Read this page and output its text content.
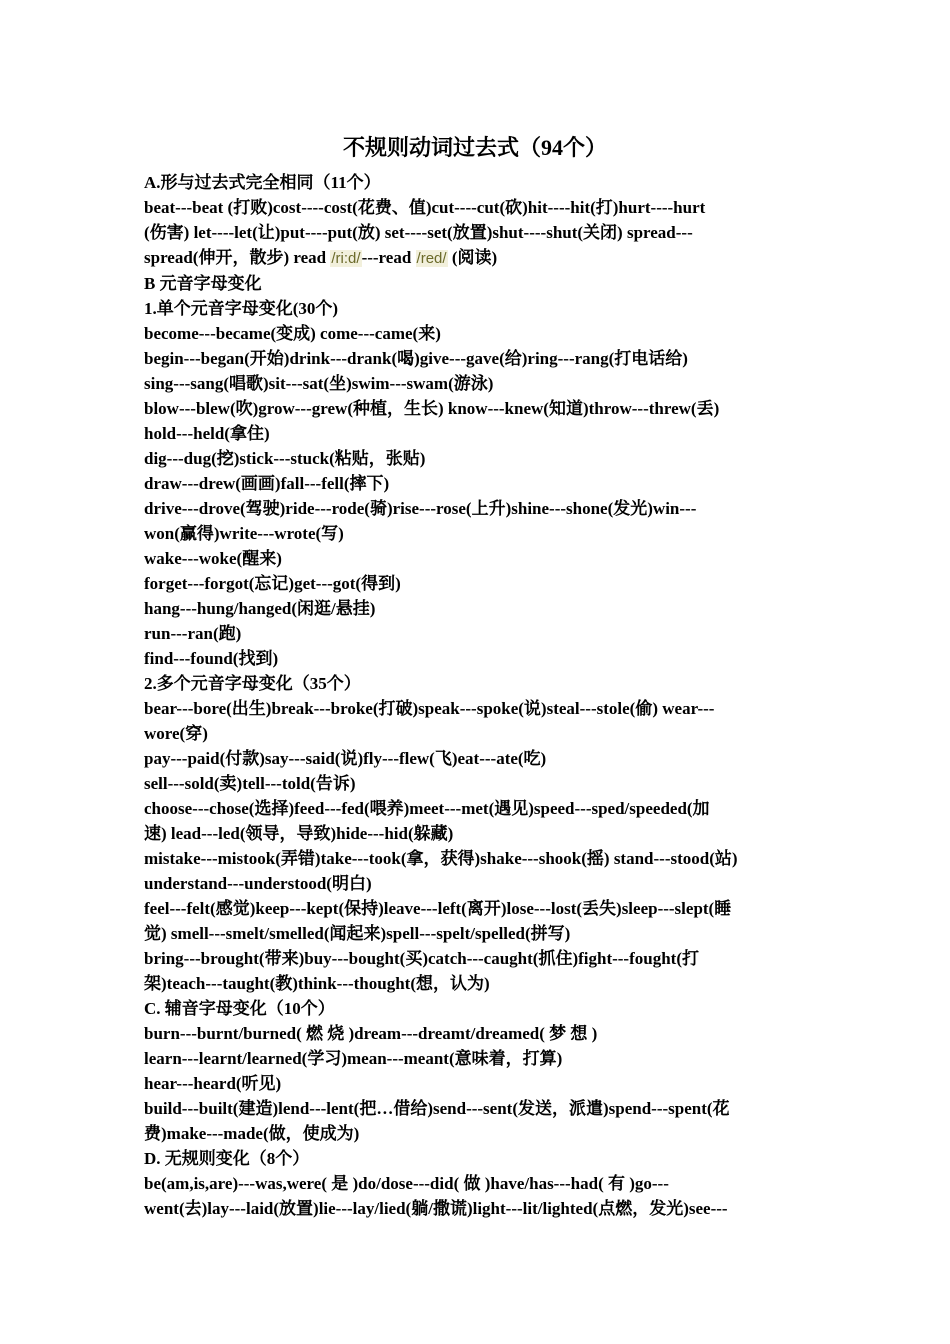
不规则动词过去式（94个）
A.形与过去式完全相同（11个）
beat---beat (打败)cost----cost(花费、值)cut----cut(砍)hit----hit(打)hurt----hurt
(伤害) let----let(让)put----put(放) set----set(放置)shut----shut(关闭) spread---
spread(伸开，散步) read /ri:d/---read /red/ (阅读)
B 元音字母变化
1.单个元音字母变化(30个)
become---became(变成) come---came(来)
begin---began(开始)drink---drank(喝)give---gave(给)ring---rang(打电话给)
sing---sang(唱歌)sit---sat(坐)swim---swam(游泳)
blow---blew(吹)grow---grew(种植，生长) know---knew(知道)throw---threw(丢)
hold---held(拿住)
dig---dug(挖)stick---stuck(粘贴，张贴)
draw---drew(画画)fall---fell(摔下)
drive---drove(驾驶)ride---rode(骑)rise---rose(上升)shine---shone(发光)win---
won(赢得)write---wrote(写)
wake---woke(醒来)
forget---forgot(忘记)get---got(得到)
hang---hung/hanged(闲逛/悬挂)
run---ran(跑)
find---found(找到)
2.多个元音字母变化（35个）
bear---bore(出生)break---broke(打破)speak---spoke(说)steal---stole(偷) wear---
wore(穿)
pay---paid(付款)say---said(说)fly---flew(飞)eat---ate(吃)
sell---sold(卖)tell---told(告诉)
choose---chose(选择)feed---fed(喂养)meet---met(遇见)speed---sped/speeded(加
速) lead---led(领导，导致)hide---hid(躲藏)
mistake---mistook(弄错)take---took(拿，获得)shake---shook(摇) stand---stood(站)
understand---understood(明白)
feel---felt(感觉)keep---kept(保持)leave---left(离开)lose---lost(丢失)sleep---slept(睡
觉) smell---smelt/smelled(闻起来)spell---spelt/spelled(拼写)
bring---brought(带来)buy---bought(买)catch---caught(抓住)fight---fought(打
架)teach---taught(教)think---thought(想，认为)
C. 辅音字母变化（10个）
burn---burnt/burned( 燃 烧 )dream---dreamt/dreamed( 梦 想 )
learn---learnt/learned(学习)mean---meant(意味着，打算)
hear---heard(听见)
build---built(建造)lend---lent(把…借给)send---sent(发送，派遣)spend---spent(花
费)make---made(做，使成为)
D. 无规则变化（8个）
be(am,is,are)---was,were( 是 )do/dose---did( 做 )have/has---had( 有 )go---
went(去)lay---laid(放置)lie---lay/lied(躺/撒谎)light---lit/lighted(点燃，发光)see---
